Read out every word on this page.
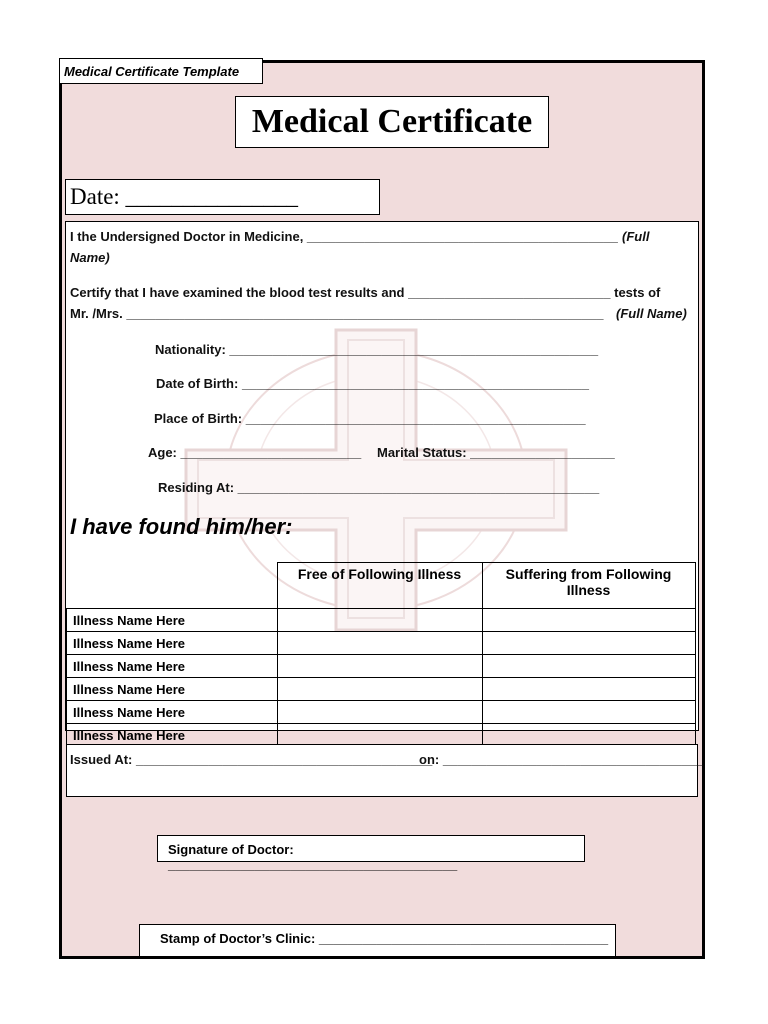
Medical Certificate Template
Medical Certificate
Date: _______________
I the Undersigned Doctor in Medicine, ___________________________________________ (Full
Name)
Certify that I have examined the blood test results and ____________________________ tests of
Mr. /Mrs. __________________________________________________________________ (Full Name)
Nationality: ___________________________________________________
Date of Birth: ________________________________________________
Place of Birth: _______________________________________________
Age: _________________________ Marital Status: ____________________
Residing At: __________________________________________________
I have found him/her:
	Free of Following Illness	Suffering from Following Illness
Illness Name Here		
Illness Name Here		
Illness Name Here		
Illness Name Here		
Illness Name Here		
Illness Name Here		
Issued At: _________________________________________
on: ____________________________________
Signature of Doctor: ________________________________________
Stamp of Doctor’s Clinic: ________________________________________
